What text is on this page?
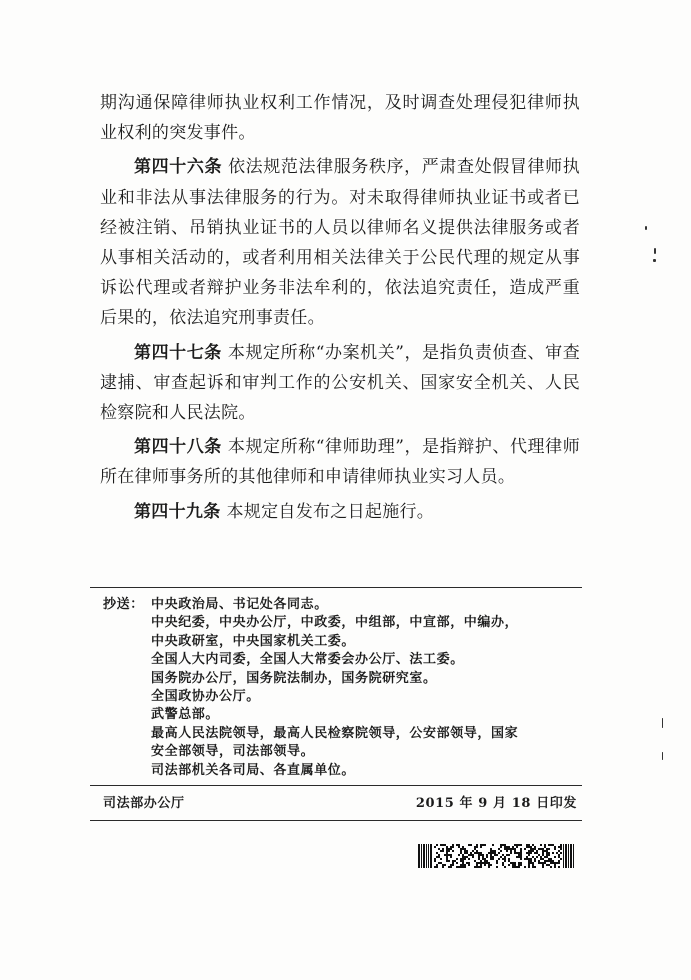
期沟通保障律师执业权利工作情况，及时调查处理侵犯律师执业权利的突发事件。

第四十六条 依法规范法律服务秩序，严肃查处假冒律师执业和非法从事法律服务的行为。对未取得律师执业证书或者已经被注销、吊销执业证书的人员以律师名义提供法律服务或者从事相关活动的，或者利用相关法律关于公民代理的规定从事诉讼代理或者辩护业务非法牟利的，依法追究责任，造成严重后果的，依法追究刑事责任。

第四十七条 本规定所称“办案机关”，是指负责侦查、审查逮捕、审查起诉和审判工作的公安机关、国家安全机关、人民检察院和人民法院。

第四十八条 本规定所称“律师助理”，是指辩护、代理律师所在律师事务所的其他律师和申请律师执业实习人员。

第四十九条 本规定自发布之日起施行。

抄送： 中央政治局、书记处各同志。
中央纪委，中央办公厅，中政委，中组部，中宣部，中编办，
中央政研室，中央国家机关工委。
全国人大内司委，全国人大常委会办公厅、法工委。
国务院办公厅，国务院法制办，国务院研究室。
全国政协办公厅。
武警总部。
最高人民法院领导，最高人民检察院领导，公安部领导，国家
安全部领导，司法部领导。
司法部机关各司局、各直属单位。
司法部办公厅	2015 年 9 月 18 日印发
